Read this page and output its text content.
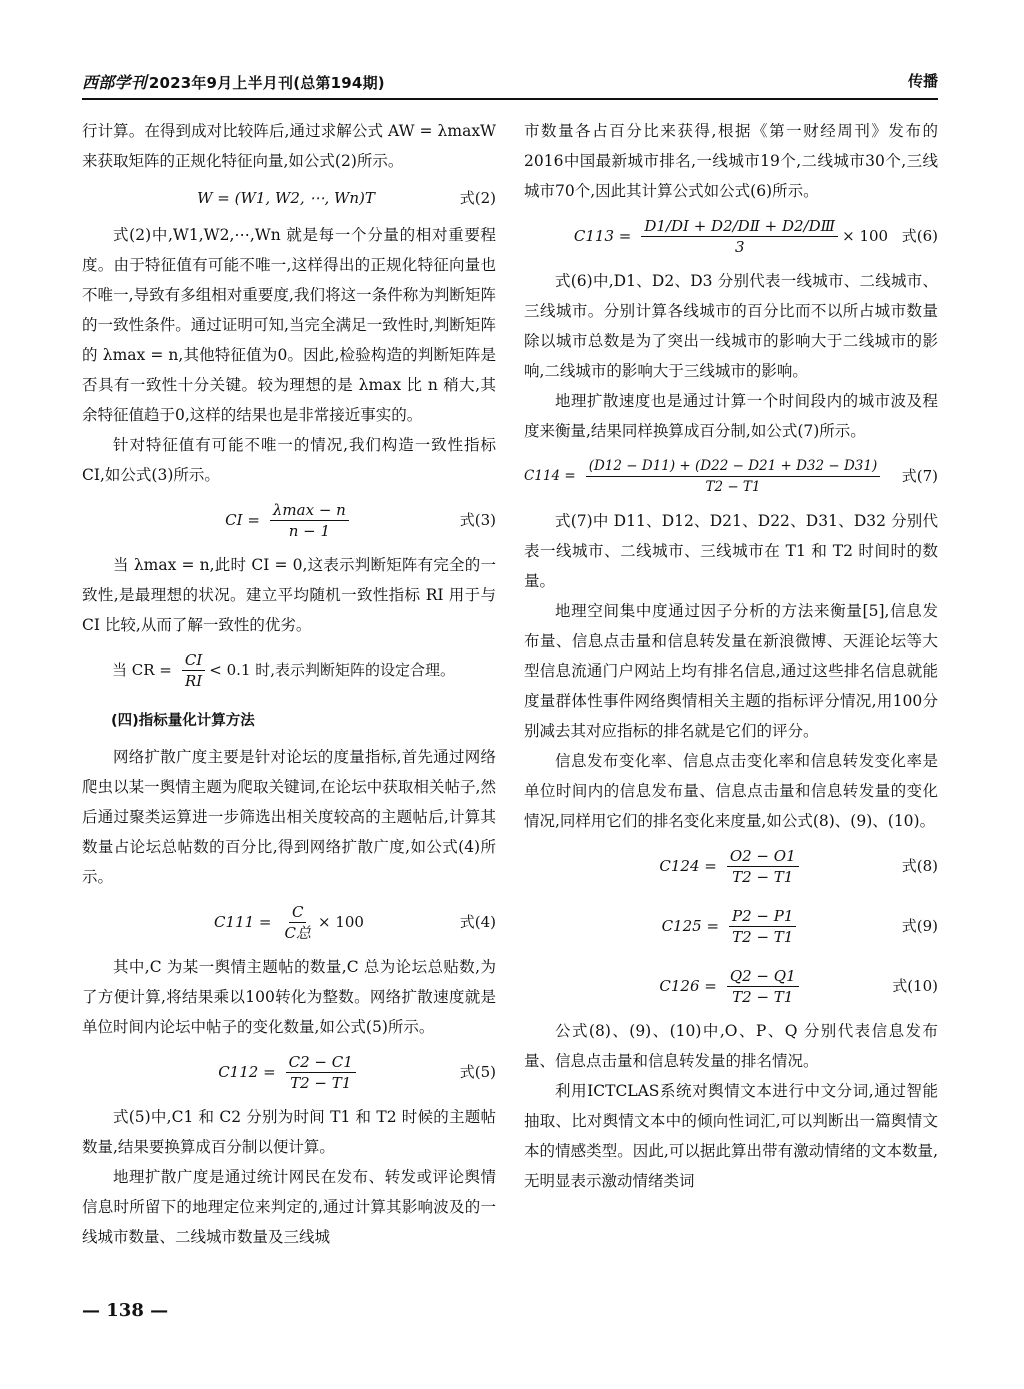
西部学刊 2023年9月上半月刊(总第194期)	传播

行计算。在得到成对比较阵后,通过求解公式 AW = λmaxW 来获取矩阵的正规化特征向量,如公式(2)所示。

W = (W1, W2, ⋯, Wn)T	式(2)

式(2)中,W1,W2,⋯,Wn 就是每一个分量的相对重要程度。由于特征值有可能不唯一,这样得出的正规化特征向量也不唯一,导致有多组相对重要度,我们将这一条件称为判断矩阵的一致性条件。通过证明可知,当完全满足一致性时,判断矩阵的 λmax = n,其他特征值为0。因此,检验构造的判断矩阵是否具有一致性十分关键。较为理想的是 λmax 比 n 稍大,其余特征值趋于0,这样的结果也是非常接近事实的。

针对特征值有可能不唯一的情况,我们构造一致性指标 CI,如公式(3)所示。

CI = $\frac{\lambda\max - n}{n - 1}$	式(3)

当 λmax = n,此时 CI = 0,这表示判断矩阵有完全的一致性,是最理想的状况。建立平均随机一致性指标 RI 用于与 CI 比较,从而了解一致性的优劣。

当 CR = $\frac{CI}{RI} < 0.1$ 时,表示判断矩阵的设定合理。

(四)指标量化计算方法

网络扩散广度主要是针对论坛的度量指标,首先通过网络爬虫以某一舆情主题为爬取关键词,在论坛中获取相关帖子,然后通过聚类运算进一步筛选出相关度较高的主题帖后,计算其数量占论坛总帖数的百分比,得到网络扩散广度,如公式(4)所示。

$C111 = \frac{C}{\text{C总}} \times 100$	式(4)

其中,C 为某一舆情主题帖的数量,C 总为论坛总贴数,为了方便计算,将结果乘以100转化为整数。网络扩散速度就是单位时间内论坛中帖子的变化数量,如公式(5)所示。

$C112 = \frac{C2 - C1}{T2 - T1}$	式(5)

式(5)中,C1 和 C2 分别为时间 T1 和 T2 时候的主题帖数量,结果要换算成百分制以便计算。

地理扩散广度是通过统计网民在发布、转发或评论舆情信息时所留下的地理定位来判定的,通过计算其影响波及的一线城市数量、二线城市数量及三线城

市数量各占百分比来获得,根据《第一财经周刊》发布的2016中国最新城市排名,一线城市19个,二线城市30个,三线城市70个,因此其计算公式如公式(6)所示。

$C113 = \frac{\text{D1/DⅠ + D2/DⅡ + D2/DⅢ}}{3} \times 100$ 式(6)

式(6)中,D1、D2、D3 分别代表一线城市、二线城市、三线城市。分别计算各线城市的百分比而不以所占城市数量除以城市总数是为了突出一线城市的影响大于二线城市的影响,二线城市的影响大于三线城市的影响。

地理扩散速度也是通过计算一个时间段内的城市波及程度来衡量,结果同样换算成百分制,如公式(7)所示。

$C114 = \frac{(D12 - D11) + (D22 - D21 + D32 - D31)}{T2 - T1}$ 式(7)

式(7)中 D11、D12、D21、D22、D31、D32 分别代表一线城市、二线城市、三线城市在 T1 和 T2 时间时的数量。

地理空间集中度通过因子分析的方法来衡量[5],信息发布量、信息点击量和信息转发量在新浪微博、天涯论坛等大型信息流通门户网站上均有排名信息,通过这些排名信息就能度量群体性事件网络舆情相关主题的指标评分情况,用100分别减去其对应指标的排名就是它们的评分。

信息发布变化率、信息点击变化率和信息转发变化率是单位时间内的信息发布量、信息点击量和信息转发量的变化情况,同样用它们的排名变化来度量,如公式(8)、(9)、(10)。

$C124 = \frac{O2 - O1}{T2 - T1}$	式(8)
$C125 = \frac{P2 - P1}{T2 - T1}$	式(9)
$C126 = \frac{Q2 - Q1}{T2 - T1}$	式(10)

公式(8)、(9)、(10)中,O、P、Q 分别代表信息发布量、信息点击量和信息转发量的排名情况。

利用ICTCLAS系统对舆情文本进行中文分词,通过智能抽取、比对舆情文本中的倾向性词汇,可以判断出一篇舆情文本的情感类型。因此,可以据此算出带有激动情绪的文本数量,无明显表示激动情绪类词

— 138 —
